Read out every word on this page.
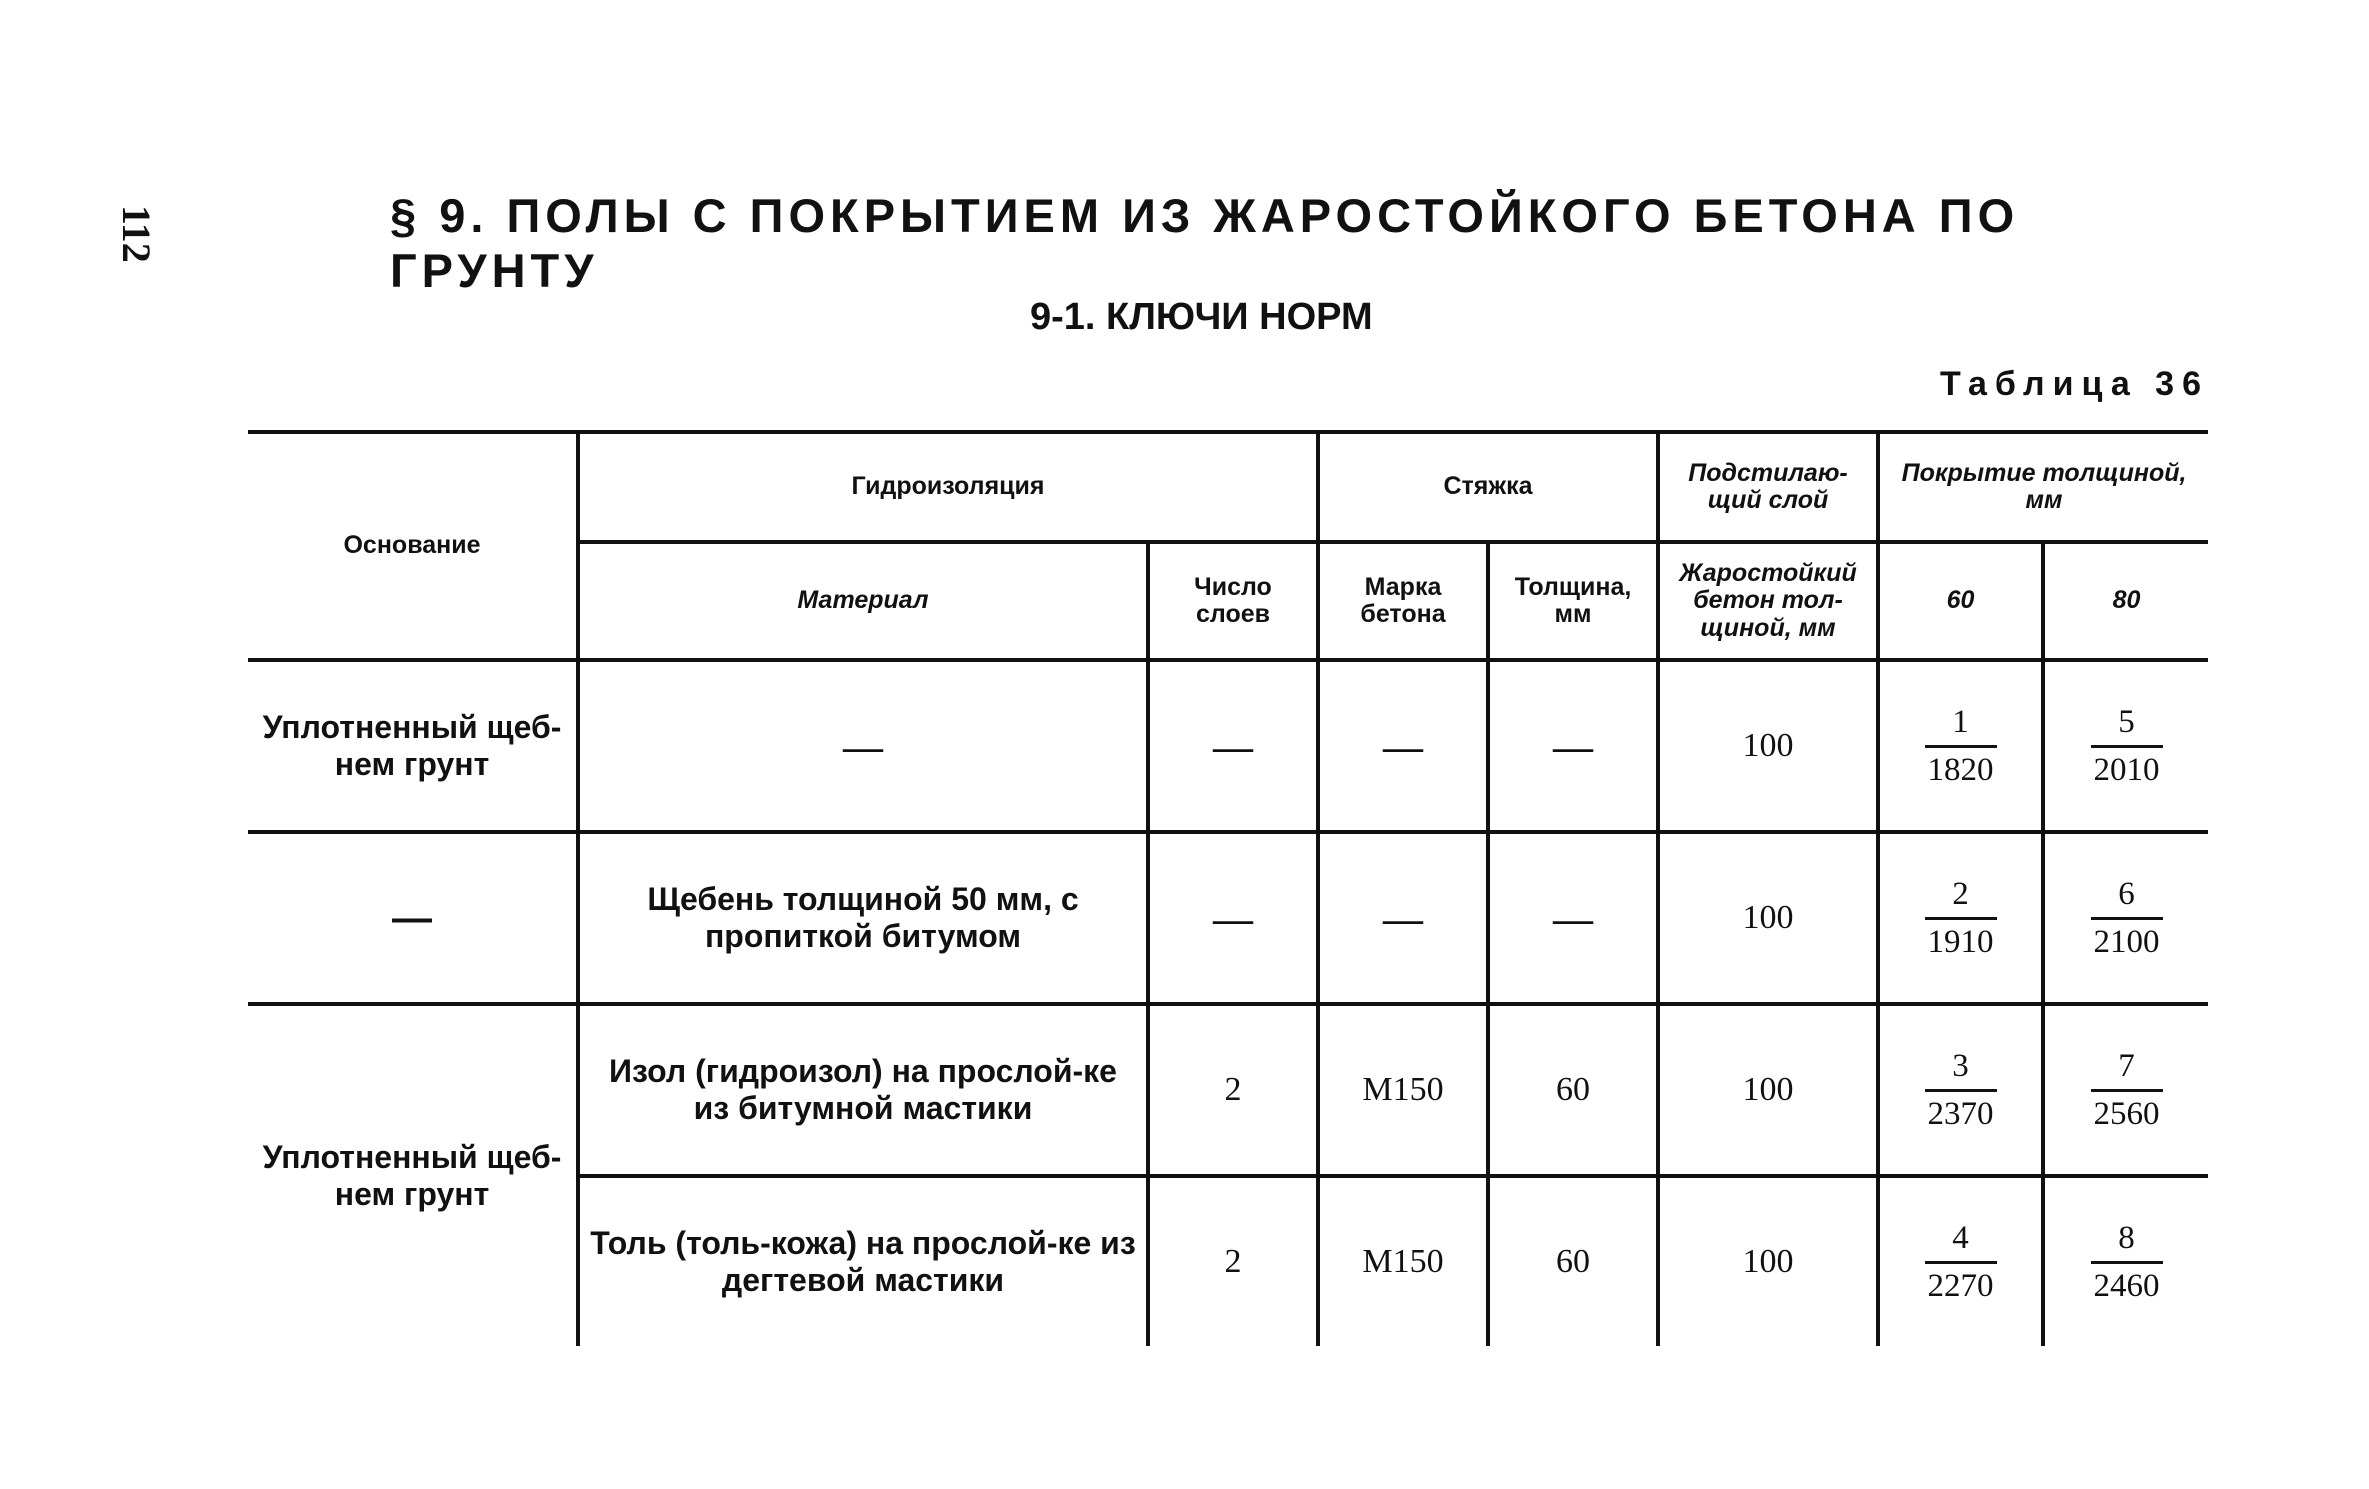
112	§ 9. ПОЛЫ С ПОКРЫТИЕМ ИЗ ЖАРОСТОЙКОГО БЕТОНА ПО ГРУНТУ
9-1. КЛЮЧИ НОРМ

Таблица 36

Основание	Гидроизоляция		Стяжка		Подстилаю-щий слой	Покрытие толщиной, мм	
	Материал	Число слоев	Марка бетона	Толщина, мм	Жаростойкий бетон тол-щиной, мм	60	80
Уплотненный щеб-нем грунт	—	—	—	—	100	$\frac{1}{1820}$	$\frac{5}{2010}$

—	Щебень толщиной 50 мм, с пропиткой битумом	—	—	—	100	$\frac{2}{1910}$	$\frac{6}{2100}$

Уплотненный щеб-нем грунт	Изол (гидроизол) на прослой-ке из битумной мастики	2	М150	60	100	$\frac{3}{2370}$	$\frac{7}{2560}$

	Толь (толь-кожа) на прослой-ке из дегтевой мастики	2	М150	60	100	$\frac{4}{2270}$	$\frac{8}{2460}$
